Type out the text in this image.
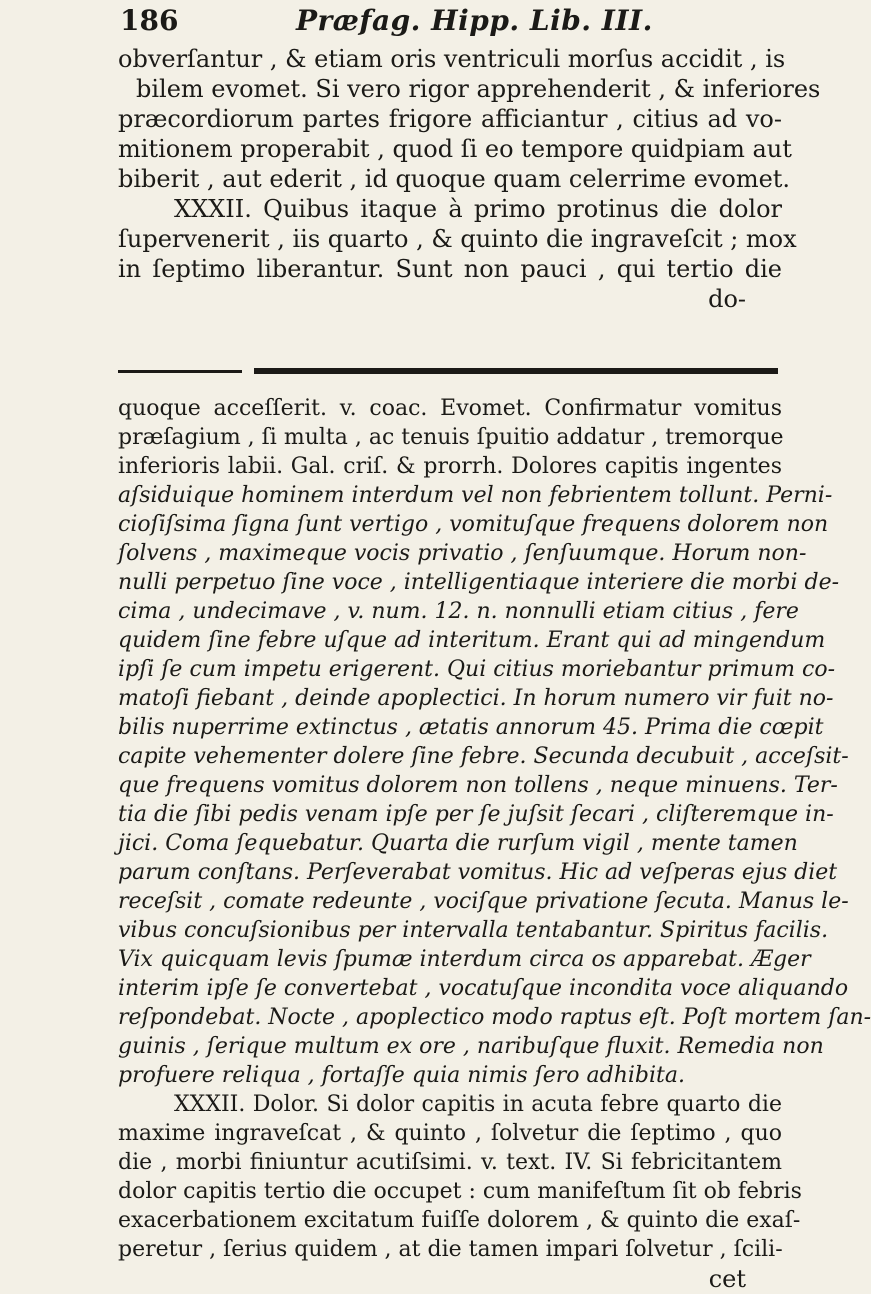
186	Præfag. Hipp. Lib. III.
obverſantur , & etiam oris ventriculi morſus accidit , is
bilem evomet. Si vero rigor apprehenderit , & inferiores
præcordiorum partes frigore afficiantur , citius ad vo-
mitionem properabit , quod ſi eo tempore quidpiam aut
biberit , aut ederit , id quoque quam celerrime evomet.
XXXII. Quibus itaque à primo protinus die dolor
ſupervenerit , iis quarto , & quinto die ingraveſcit ; mox
in ſeptimo liberantur. Sunt non pauci , qui tertio die
do-
quoque acceſſerit. v. coac. Evomet. Confirmatur vomitus
præſagium , ſi multa , ac tenuis ſpuitio addatur , tremorque
inferioris labii. Gal. criſ. & prorrh. Dolores capitis ingentes
aſsiduique hominem interdum vel non febrientem tollunt. Perni-
cioſiſsima ſigna ſunt vertigo , vomituſque frequens dolorem non
ſolvens , maximeque vocis privatio , ſenſuumque. Horum non-
nulli perpetuo ſine voce , intelligentiaque interiere die morbi de-
cima , undecimave , v. num. 12. n. nonnulli etiam citius , fere
quidem ſine febre uſque ad interitum. Erant qui ad mingendum
ipſi ſe cum impetu erigerent. Qui citius moriebantur primum co-
matoſi fiebant , deinde apoplectici. In horum numero vir fuit no-
bilis nuperrime extinctus , ætatis annorum 45. Prima die cœpit
capite vehementer dolere ſine febre. Secunda decubuit , acceſsit-
que frequens vomitus dolorem non tollens , neque minuens. Ter-
tia die ſibi pedis venam ipſe per ſe juſsit ſecari , cliſteremque in-
jici. Coma ſequebatur. Quarta die rurſum vigil , mente tamen
parum conſtans. Perſeverabat vomitus. Hic ad veſperas ejus diet
receſsit , comate redeunte , vociſque privatione ſecuta. Manus le-
vibus concuſsionibus per intervalla tentabantur. Spiritus facilis.
Vix quicquam levis ſpumæ interdum circa os apparebat. Æger
interim ipſe ſe convertebat , vocatuſque incondita voce aliquando
reſpondebat. Nocte , apoplectico modo raptus eſt. Poſt mortem ſan-
guinis , ſerique multum ex ore , naribuſque fluxit. Remedia non
profuere reliqua , fortaſſe quia nimis ſero adhibita.
XXXII. Dolor. Si dolor capitis in acuta febre quarto die
maxime ingraveſcat , & quinto , ſolvetur die ſeptimo , quo
die , morbi finiuntur acutiſsimi. v. text. IV. Si febricitantem
dolor capitis tertio die occupet : cum manifeſtum ſit ob febris
exacerbationem excitatum fuiſſe dolorem , & quinto die exaſ-
peretur , ſerius quidem , at die tamen impari ſolvetur , ſcili-
cet
